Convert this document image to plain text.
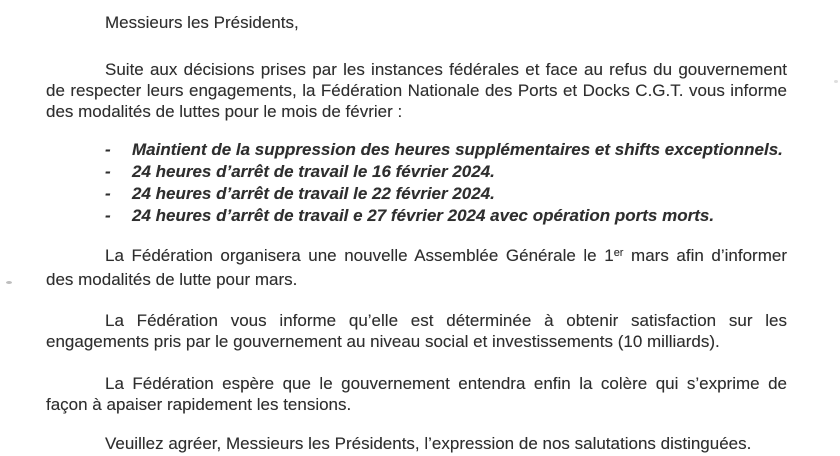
Messieurs les Présidents,

Suite aux décisions prises par les instances fédérales et face au refus du gouvernement de respecter leurs engagements, la Fédération Nationale des Ports et Docks C.G.T. vous informe des modalités de luttes pour le mois de février :

-	Maintient de la suppression des heures supplémentaires et shifts exceptionnels.
-	24 heures d’arrêt de travail le 16 février 2024.
-	24 heures d’arrêt de travail le 22 février 2024.
-	24 heures d’arrêt de travail e 27 février 2024 avec opération ports morts.

La Fédération organisera une nouvelle Assemblée Générale le 1er mars afin d’informer des modalités de lutte pour mars.

La Fédération vous informe qu’elle est déterminée à obtenir satisfaction sur les engagements pris par le gouvernement au niveau social et investissements (10 milliards).

La Fédération espère que le gouvernement entendra enfin la colère qui s’exprime de façon à apaiser rapidement les tensions.

Veuillez agréer, Messieurs les Présidents, l’expression de nos salutations distinguées.
